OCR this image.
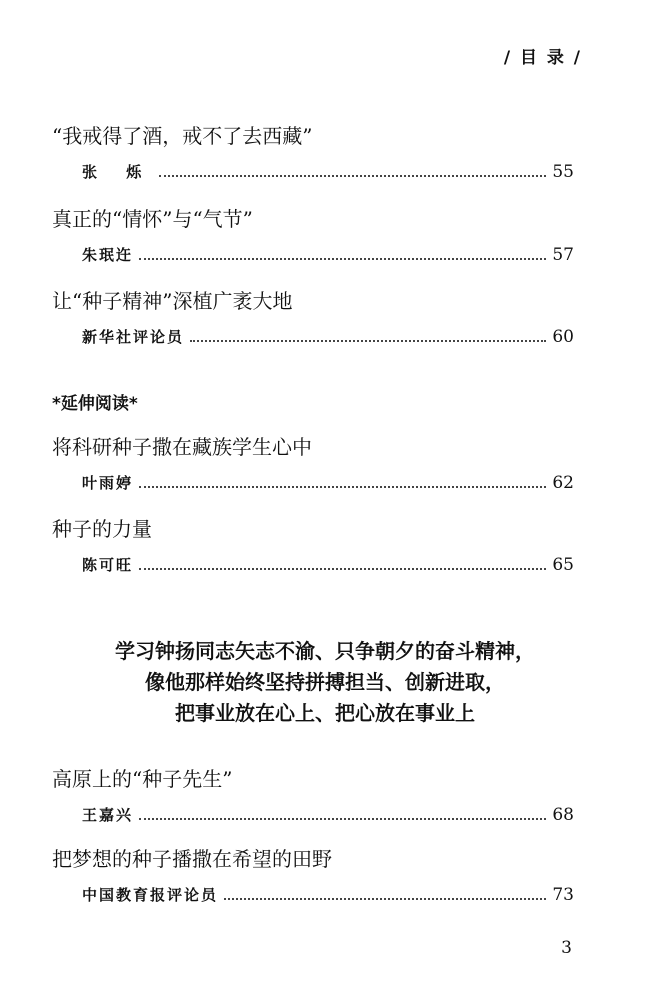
/ 目 录 /
“我戒得了酒，戒不了去西藏”
张 烁	55
真正的“情怀”与“气节”
朱珉迕	57
让“种子精神”深植广袤大地
新华社评论员	60
*延伸阅读*
将科研种子撒在藏族学生心中
叶雨婷	62
种子的力量
陈可旺	65
学习钟扬同志矢志不渝、只争朝夕的奋斗精神，
像他那样始终坚持拼搏担当、创新进取，
把事业放在心上、把心放在事业上
高原上的“种子先生”
王嘉兴	68
把梦想的种子播撒在希望的田野
中国教育报评论员	73
3
